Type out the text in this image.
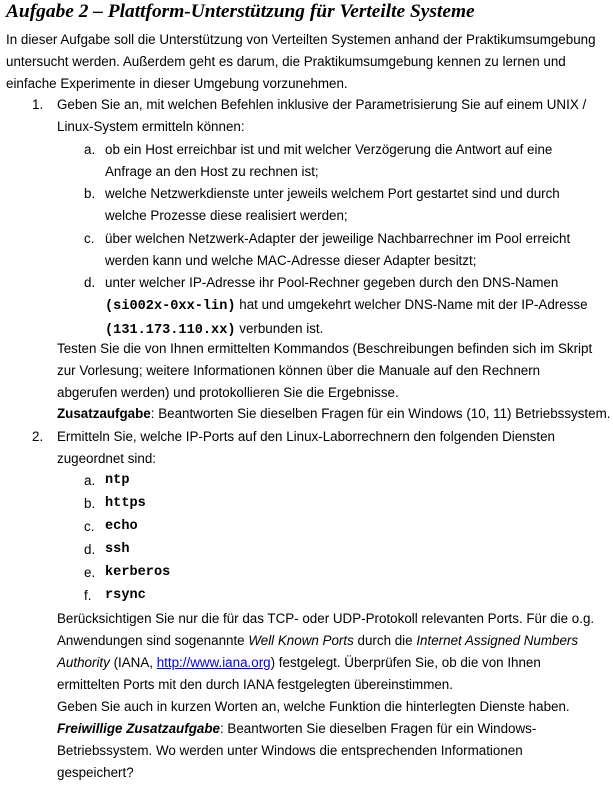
Aufgabe 2 – Plattform-Unterstützung für Verteilte Systeme
In dieser Aufgabe soll die Unterstützung von Verteilten Systemen anhand der Praktikumsumgebung
untersucht werden. Außerdem geht es darum, die Praktikumsumgebung kennen zu lernen und
einfache Experimente in dieser Umgebung vorzunehmen.
1. Geben Sie an, mit welchen Befehlen inklusive der Parametrisierung Sie auf einem UNIX /
Linux-System ermitteln können:
a. ob ein Host erreichbar ist und mit welcher Verzögerung die Antwort auf eine
Anfrage an den Host zu rechnen ist;
b. welche Netzwerkdienste unter jeweils welchem Port gestartet sind und durch
welche Prozesse diese realisiert werden;
c. über welchen Netzwerk-Adapter der jeweilige Nachbarrechner im Pool erreicht
werden kann und welche MAC-Adresse dieser Adapter besitzt;
d. unter welcher IP-Adresse ihr Pool-Rechner gegeben durch den DNS-Namen
(si002x-0xx-lin) hat und umgekehrt welcher DNS-Name mit der IP-Adresse
(131.173.110.xx) verbunden ist.
Testen Sie die von Ihnen ermittelten Kommandos (Beschreibungen befinden sich im Skript
zur Vorlesung; weitere Informationen können über die Manuale auf den Rechnern
abgerufen werden) und protokollieren Sie die Ergebnisse.
Zusatzaufgabe: Beantworten Sie dieselben Fragen für ein Windows (10, 11) Betriebssystem.
2. Ermitteln Sie, welche IP-Ports auf den Linux-Laborrechnern den folgenden Diensten
zugeordnet sind:
a. ntp
b. https
c. echo
d. ssh
e. kerberos
f. rsync
Berücksichtigen Sie nur die für das TCP- oder UDP-Protokoll relevanten Ports. Für die o.g.
Anwendungen sind sogenannte Well Known Ports durch die Internet Assigned Numbers
Authority (IANA, http://www.iana.org) festgelegt. Überprüfen Sie, ob die von Ihnen
ermittelten Ports mit den durch IANA festgelegten übereinstimmen.
Geben Sie auch in kurzen Worten an, welche Funktion die hinterlegten Dienste haben.
Freiwillige Zusatzaufgabe: Beantworten Sie dieselben Fragen für ein Windows-
Betriebssystem. Wo werden unter Windows die entsprechenden Informationen
gespeichert?
